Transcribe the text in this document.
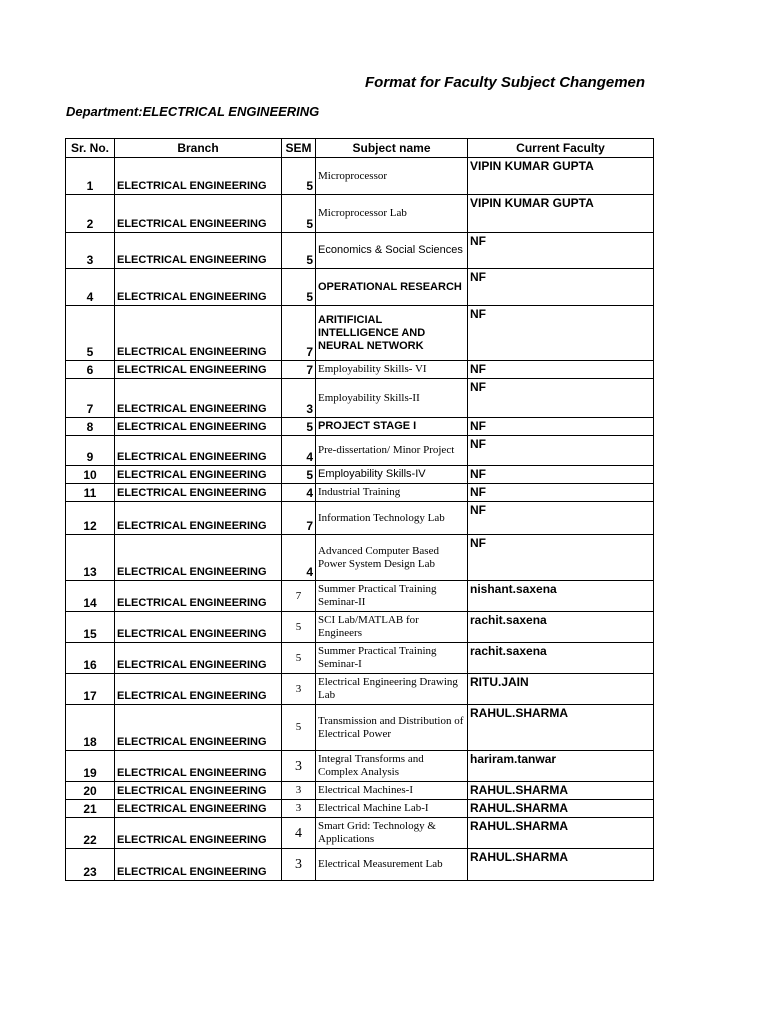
Format for Faculty Subject Changemen
Department:ELECTRICAL ENGINEERING
Sr. No.	Branch	SEM	Subject name	Current Faculty
1	ELECTRICAL ENGINEERING	5	Microprocessor	VIPIN KUMAR GUPTA
2	ELECTRICAL ENGINEERING	5	Microprocessor Lab	VIPIN KUMAR GUPTA
3	ELECTRICAL ENGINEERING	5	Economics & Social Sciences	NF
4	ELECTRICAL ENGINEERING	5	OPERATIONAL RESEARCH	NF
5	ELECTRICAL ENGINEERING	7	ARITIFICIAL INTELLIGENCE AND NEURAL NETWORK	NF
6	ELECTRICAL ENGINEERING	7	Employability Skills- VI	NF
7	ELECTRICAL ENGINEERING	3	Employability Skills-II	NF
8	ELECTRICAL ENGINEERING	5	PROJECT STAGE I	NF
9	ELECTRICAL ENGINEERING	4	Pre-dissertation/ Minor Project	NF
10	ELECTRICAL ENGINEERING	5	Employability Skills-IV	NF
11	ELECTRICAL ENGINEERING	4	Industrial Training	NF
12	ELECTRICAL ENGINEERING	7	Information Technology Lab	NF
13	ELECTRICAL ENGINEERING	4	Advanced Computer Based Power System Design Lab	NF
14	ELECTRICAL ENGINEERING	7	Summer Practical Training Seminar-II	nishant.saxena
15	ELECTRICAL ENGINEERING	5	SCI Lab/MATLAB for Engineers	rachit.saxena
16	ELECTRICAL ENGINEERING	5	Summer Practical Training Seminar-I	rachit.saxena
17	ELECTRICAL ENGINEERING	3	Electrical Engineering Drawing Lab	RITU.JAIN
18	ELECTRICAL ENGINEERING	5	Transmission and Distribution of Electrical Power	RAHUL.SHARMA
19	ELECTRICAL ENGINEERING	3	Integral Transforms and Complex Analysis	hariram.tanwar
20	ELECTRICAL ENGINEERING	3	Electrical Machines-I	RAHUL.SHARMA
21	ELECTRICAL ENGINEERING	3	Electrical Machine Lab-I	RAHUL.SHARMA
22	ELECTRICAL ENGINEERING	4	Smart Grid: Technology & Applications	RAHUL.SHARMA
23	ELECTRICAL ENGINEERING	3	Electrical Measurement Lab	RAHUL.SHARMA
